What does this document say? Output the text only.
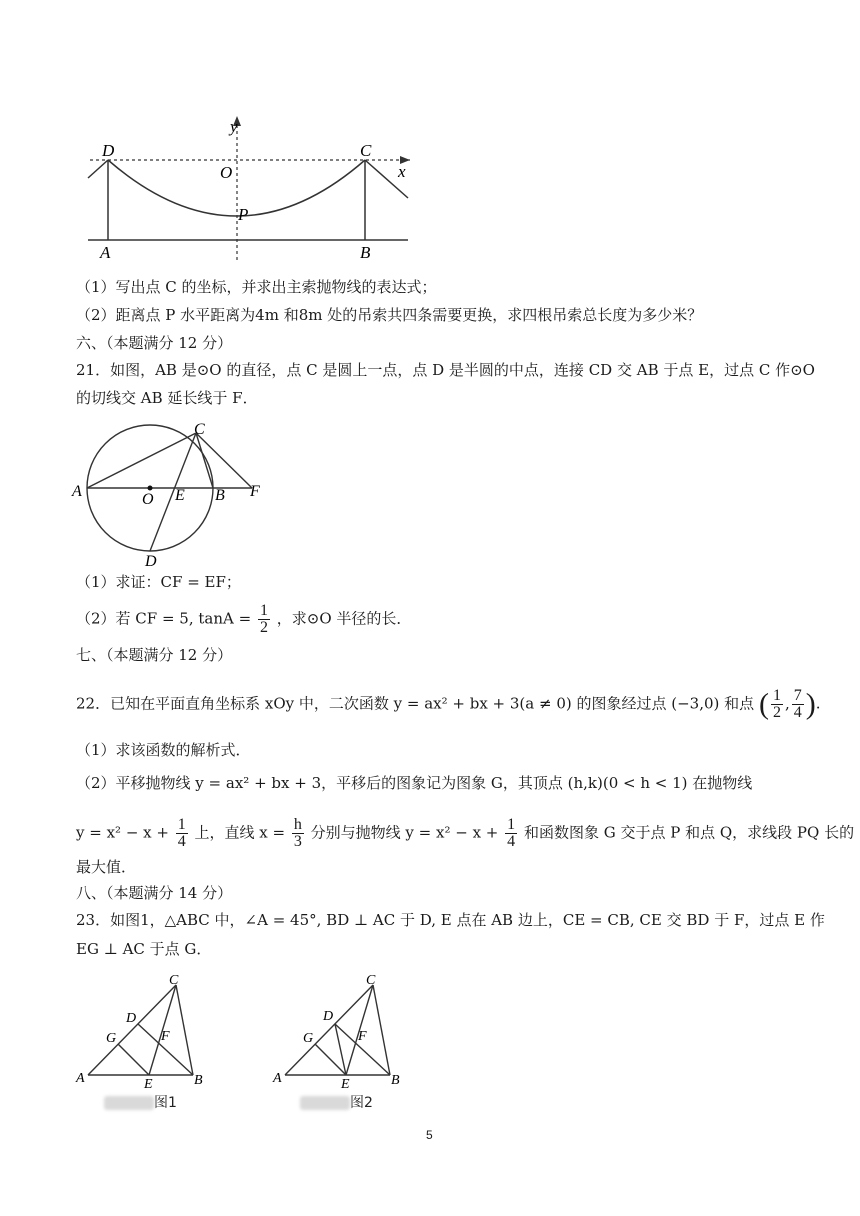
y
x
D	C
O
P
A	B
（1）写出点 C 的坐标，并求出主索抛物线的表达式；
（2）距离点 P 水平距离为4m 和8m 处的吊索共四条需要更换，求四根吊索总长度为多少米？
六、（本题满分 12 分）
21．如图，AB 是⊙O 的直径，点 C 是圆上一点，点 D 是半圆的中点，连接 CD 交 AB 于点 E，过点 C 作⊙O
的切线交 AB 延长线于 F．
A	O E B F
C
D
（1）求证：CF = EF；
（2）若 CF = 5, $\tan A = \frac{1}{2}$ ，求⊙O 半径的长．
七、（本题满分 12 分）
22．已知在平面直角坐标系 xOy 中，二次函数 y = ax² + bx + 3(a ≠ 0) 的图象经过点 (−3,0) 和点 ( $\frac{1}{2}$ , $\frac{7}{4}$ ).
（1）求该函数的解析式．
（2）平移抛物线 y = ax² + bx + 3，平移后的图象记为图象 G，其顶点 (h,k)(0 < h < 1) 在抛物线
$y = x^2 - x + \frac{1}{4}$ 上，直线 $x = \frac{h}{3}$ 分别与抛物线 $y = x^2 - x + \frac{1}{4}$ 和函数图象 G 交于点 P 和点 Q，求线段 PQ 长的
最大值．
八、（本题满分 14 分）
23．如图1，△ABC 中，∠A = 45°, BD ⊥ AC 于 D, E 点在 AB 边上，CE = CB, CE 交 BD 于 F，过点 E 作
EG ⊥ AC 于点 G．
A	B
C
D
E
F
G
图1
A	B
C
D
E
F
G
图2
5
